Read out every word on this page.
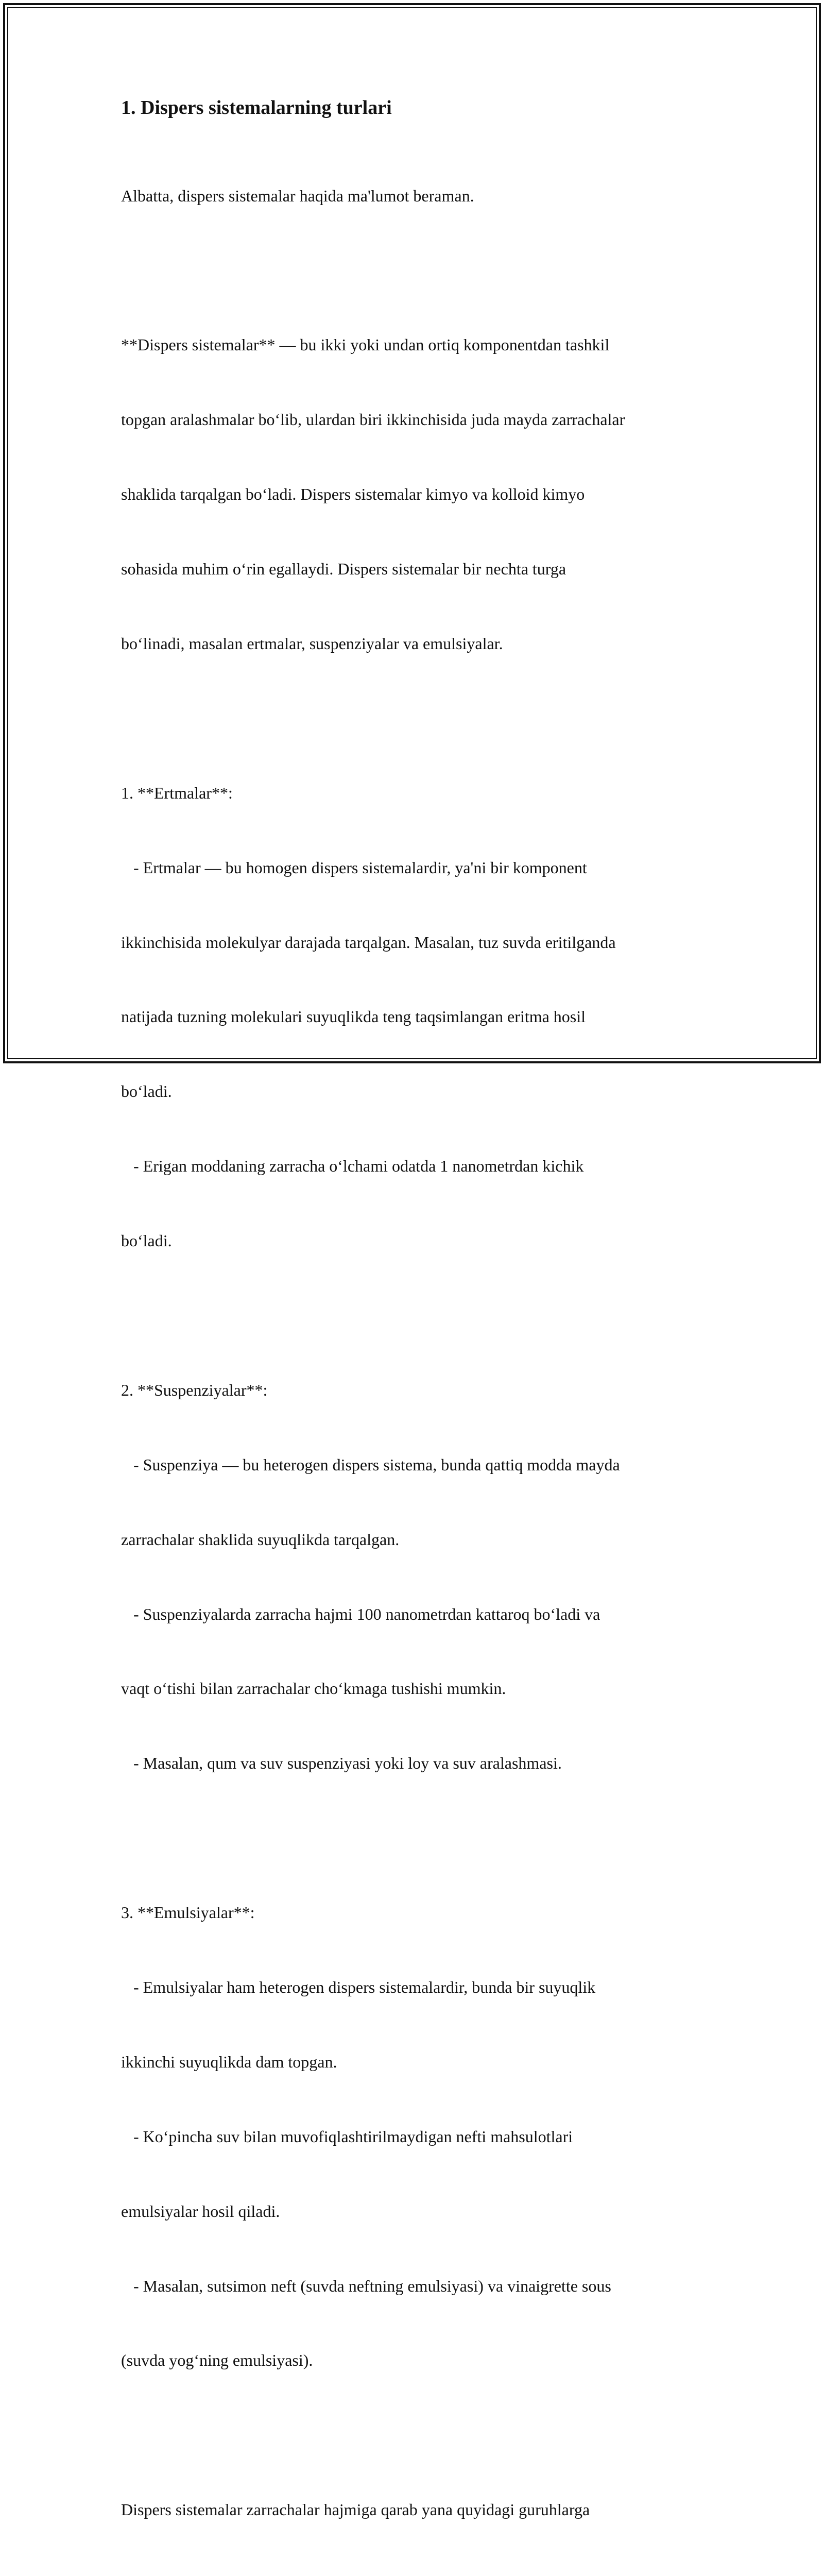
1. Dispers sistemalarning turlari

Albatta, dispers sistemalar haqida ma'lumot beraman.

**Dispers sistemalar** — bu ikki yoki undan ortiq komponentdan tashkil

topgan aralashmalar bo‘lib, ulardan biri ikkinchisida juda mayda zarrachalar

shaklida tarqalgan bo‘ladi. Dispers sistemalar kimyo va kolloid kimyo

sohasida muhim o‘rin egallaydi. Dispers sistemalar bir nechta turga

bo‘linadi, masalan ertmalar, suspenziyalar va emulsiyalar.

1. **Ertmalar**:

- Ertmalar — bu homogen dispers sistemalardir, ya'ni bir komponent

ikkinchisida molekulyar darajada tarqalgan. Masalan, tuz suvda eritilganda

natijada tuzning molekulari suyuqlikda teng taqsimlangan eritma hosil

bo‘ladi.

- Erigan moddaning zarracha o‘lchami odatda 1 nanometrdan kichik

bo‘ladi.

2. **Suspenziyalar**:

- Suspenziya — bu heterogen dispers sistema, bunda qattiq modda mayda

zarrachalar shaklida suyuqlikda tarqalgan.

- Suspenziyalarda zarracha hajmi 100 nanometrdan kattaroq bo‘ladi va

vaqt o‘tishi bilan zarrachalar cho‘kmaga tushishi mumkin.

- Masalan, qum va suv suspenziyasi yoki loy va suv aralashmasi.

3. **Emulsiyalar**:

- Emulsiyalar ham heterogen dispers sistemalardir, bunda bir suyuqlik

ikkinchi suyuqlikda dam topgan.

- Ko‘pincha suv bilan muvofiqlashtirilmaydigan nefti mahsulotlari

emulsiyalar hosil qiladi.

- Masalan, sutsimon neft (suvda neftning emulsiyasi) va vinaigrette sous

(suvda yog‘ning emulsiyasi).

Dispers sistemalar zarrachalar hajmiga qarab yana quyidagi guruhlarga
